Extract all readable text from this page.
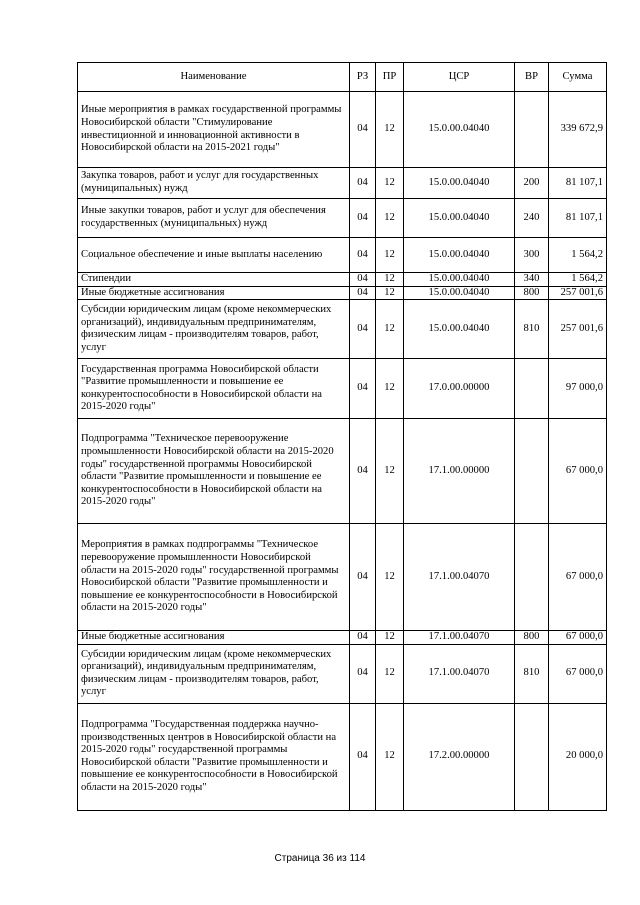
Наименование	РЗ	ПР	ЦСР	ВР	Сумма
Иные мероприятия в рамках государственной программы Новосибирской области "Стимулирование инвестиционной и инновационной активности в Новосибирской области на 2015-2021 годы"	04	12	15.0.00.04040		339 672,9
Закупка товаров, работ и услуг для государственных (муниципальных) нужд	04	12	15.0.00.04040	200	81 107,1
Иные закупки товаров, работ и услуг для обеспечения государственных (муниципальных) нужд	04	12	15.0.00.04040	240	81 107,1
Социальное обеспечение и иные выплаты населению	04	12	15.0.00.04040	300	1 564,2
Стипендии	04	12	15.0.00.04040	340	1 564,2
Иные бюджетные ассигнования	04	12	15.0.00.04040	800	257 001,6
Субсидии юридическим лицам (кроме некоммерческих организаций), индивидуальным предпринимателям, физическим лицам - производителям товаров, работ, услуг	04	12	15.0.00.04040	810	257 001,6
Государственная программа Новосибирской области "Развитие промышленности и повышение ее конкурентоспособности в Новосибирской области на 2015-2020 годы"	04	12	17.0.00.00000		97 000,0
Подпрограмма "Техническое перевооружение промышленности Новосибирской области на 2015-2020 годы" государственной программы Новосибирской области "Развитие промышленности и повышение ее конкурентоспособности в Новосибирской области на 2015-2020 годы"	04	12	17.1.00.00000		67 000,0
Мероприятия в рамках подпрограммы "Техническое перевооружение промышленности Новосибирской области на 2015-2020 годы" государственной программы Новосибирской области "Развитие промышленности и повышение ее конкурентоспособности в Новосибирской области на 2015-2020 годы"	04	12	17.1.00.04070		67 000,0
Иные бюджетные ассигнования	04	12	17.1.00.04070	800	67 000,0
Субсидии юридическим лицам (кроме некоммерческих организаций), индивидуальным предпринимателям, физическим лицам - производителям товаров, работ, услуг	04	12	17.1.00.04070	810	67 000,0
Подпрограмма "Государственная поддержка научно-производственных центров в Новосибирской области на 2015-2020 годы" государственной программы Новосибирской области "Развитие промышленности и повышение ее конкурентоспособности в Новосибирской области на 2015-2020 годы"	04	12	17.2.00.00000		20 000,0
Страница 36 из 114
